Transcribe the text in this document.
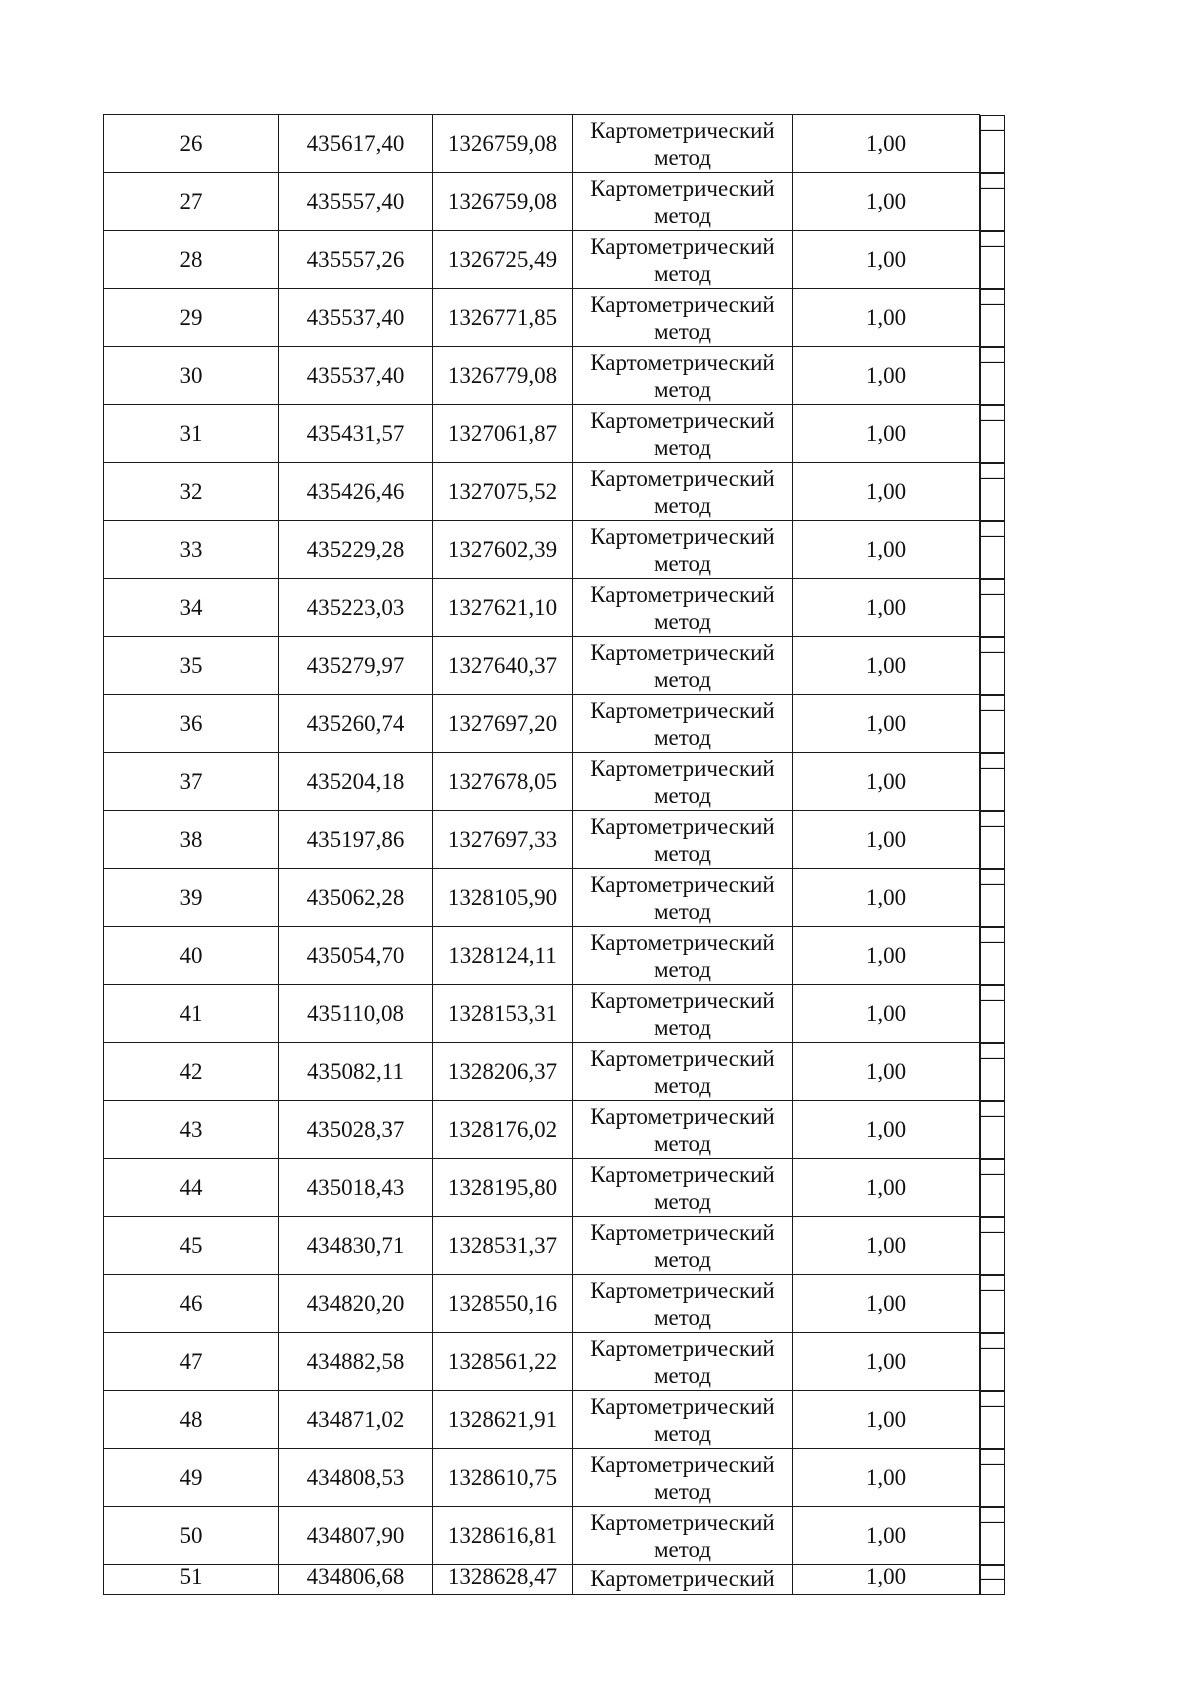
26	435617,40	1326759,08	Картометрический
метод	1,00	—
27	435557,40	1326759,08	Картометрический
метод	1,00	—
28	435557,26	1326725,49	Картометрический
метод	1,00	—
29	435537,40	1326771,85	Картометрический
метод	1,00	—
30	435537,40	1326779,08	Картометрический
метод	1,00	—
31	435431,57	1327061,87	Картометрический
метод	1,00	—
32	435426,46	1327075,52	Картометрический
метод	1,00	—
33	435229,28	1327602,39	Картометрический
метод	1,00	—
34	435223,03	1327621,10	Картометрический
метод	1,00	—
35	435279,97	1327640,37	Картометрический
метод	1,00	—
36	435260,74	1327697,20	Картометрический
метод	1,00	—
37	435204,18	1327678,05	Картометрический
метод	1,00	—
38	435197,86	1327697,33	Картометрический
метод	1,00	—
39	435062,28	1328105,90	Картометрический
метод	1,00	—
40	435054,70	1328124,11	Картометрический
метод	1,00	—
41	435110,08	1328153,31	Картометрический
метод	1,00	—
42	435082,11	1328206,37	Картометрический
метод	1,00	—
43	435028,37	1328176,02	Картометрический
метод	1,00	—
44	435018,43	1328195,80	Картометрический
метод	1,00	—
45	434830,71	1328531,37	Картометрический
метод	1,00	—
46	434820,20	1328550,16	Картометрический
метод	1,00	—
47	434882,58	1328561,22	Картометрический
метод	1,00	—
48	434871,02	1328621,91	Картометрический
метод	1,00	—
49	434808,53	1328610,75	Картометрический
метод	1,00	—
50	434807,90	1328616,81	Картометрический
метод	1,00	—
51	434806,68	1328628,47	Картометрический	1,00		—
